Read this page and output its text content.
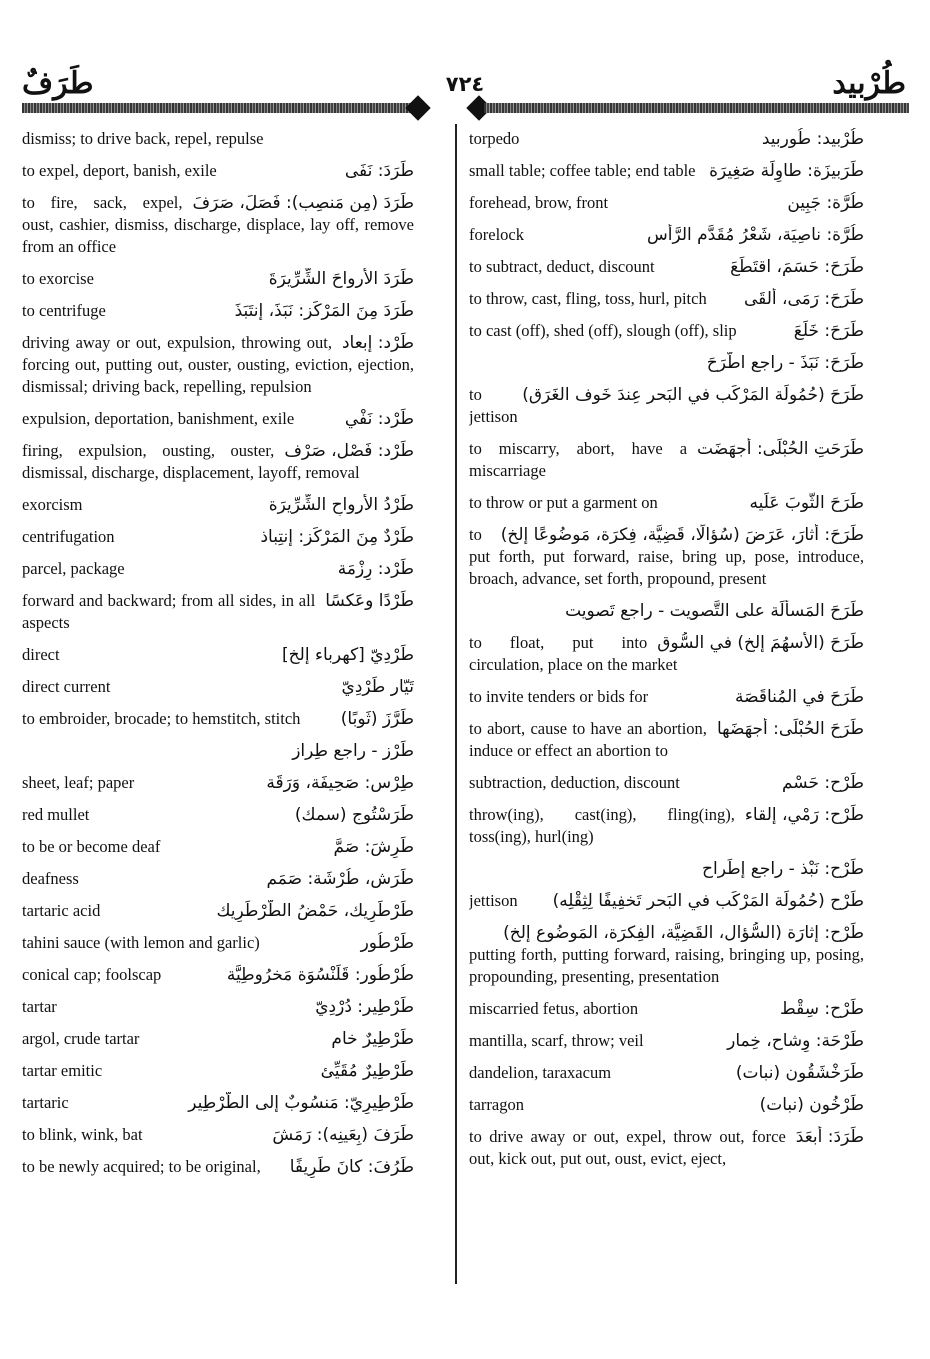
طَرَفٌ	٧٢٤	طُرْبيد
dismiss; to drive back, repel, repulse
طَرَدَ: نَفَى
to expel, deport, banish, exile
طَرَدَ (مِن مَنصِب): فَصَلَ، صَرَفَ
to fire, sack, expel, oust, cashier, dismiss, discharge, displace, lay off, remove from an office
طَرَدَ الأَرواحَ الشِّرِّيرَةَ
to exorcise
طَرَدَ مِنَ المَرْكَز: نَبَذَ، إنتَبَذَ
to centrifuge
طَرْد: إبعاد
driving away or out, expulsion, throwing out, forcing out, putting out, ouster, ousting, eviction, ejection, dismissal; driving back, repelling, repulsion
طَرْد: نَفْي
expulsion, deportation, banishment, exile
طَرْد: فَصْل، صَرْف
firing, expulsion, ousting, ouster, dismissal, discharge, displacement, layoff, removal
طَرْدُ الأَرواحِ الشِّرِّيرَة
exorcism
طَرْدٌ مِنَ المَرْكَز: إنتِباذ
centrifugation
طَرْد: رِزْمَة
parcel, package
طَرْدًا وعَكسًا
forward and backward; from all sides, in all aspects
طَرْدِيّ [كهرباء إلخ]
direct
تَيّار طَرْدِيّ
direct current
طَرَّزَ (ثَوبًا)
to embroider, brocade; to hemstitch, stitch
طَرْز - راجع طِراز
طِرْس: صَحِيفَة، وَرَقَة
sheet, leaf; paper
طَرَسْتُوج (سمك)
red mullet
طَرِشَ: صَمَّ
to be or become deaf
طَرَش، طُرْشَة: صَمَم
deafness
طَرْطَرِيك، حَمْضُ الطَّرْطَرِيك
tartaric acid
طَرْطُور
tahini sauce (with lemon and garlic)
طُرْطُور: قَلَنْسُوَة مَخرُوطِيَّة
conical cap; foolscap
طَرْطِير: دُرْدِيّ
tartar
طَرْطِيرٌ خام
argol, crude tartar
طَرْطِيرٌ مُقَيِّئ
tartar emitic
طَرْطِيرِيّ: مَنسُوبٌ إلى الطَّرْطِير
tartaric
طَرَفَ (بِعَينِه): رَمَشَ
to blink, wink, bat
طَرُفَ: كانَ طَرِيفًا
to be newly acquired; to be original,
طُرْبيد: طُوربيد
torpedo
طَرَبيزَة: طاوِلَة صَغِيرَة
small table; coffee table; end table
طُرَّة: جَبِين
forehead, brow, front
طُرَّة: ناصِيَة، شَعْرُ مُقَدَّم الرَّأس
forelock
طَرَحَ: حَسَمَ، اقتَطَعَ
to subtract, deduct, discount
طَرَحَ: رَمَى، أَلقَى
to throw, cast, fling, toss, hurl, pitch
طَرَحَ: خَلَعَ
to cast (off), shed (off), slough (off), slip
طَرَحَ: نَبَذَ - راجع اطَّرَحَ
طَرَحَ (حُمُولَة المَرْكَب في البَحر عِندَ خَوف الغَرَق)
to jettison
طَرَحَتِ الحُبْلَى: أجهَضَت
to miscarry, abort, have a miscarriage
طَرَحَ الثَّوبَ عَلَيه
to throw or put a garment on
طَرَحَ: أَثارَ، عَرَضَ (سُؤالًا، قَضِيَّة، فِكرَة، مَوضُوعًا إلخ)
to put forth, put forward, raise, bring up, pose, introduce, broach, advance, set forth, propound, present
طَرَحَ المَسأَلَة على التَّصويت - راجع تَصويت
طَرَحَ (الأَسهُمَ إلخ) في السُّوق
to float, put into circulation, place on the market
طَرَحَ في المُناقَصَة
to invite tenders or bids for
طَرَحَ الحُبْلَى: أجهَضَها
to abort, cause to have an abortion, induce or effect an abortion to
طَرْح: حَسْم
subtraction, deduction, discount
طَرْح: رَمْي، إلقاء
throw(ing), cast(ing), fling(ing), toss(ing), hurl(ing)
طَرْح: نَبْذ - راجع إطِّراح
طَرْح (حُمُولَة المَرْكَب في البَحر تَخفِيفًا لِثِقْلِه)
jettison
طَرْح: إثارَة (السُّؤال، القَضِيَّة، الفِكرَة، المَوضُوع إلخ)
putting forth, putting forward, raising, bringing up, posing, propounding, presenting, presentation
طَرْح: سِقْط
miscarried fetus, abortion
طَرْحَة: وِشاح، خِمار
mantilla, scarf, throw; veil
طَرَخْشَقُون (نبات)
dandelion, taraxacum
طَرْخُون (نبات)
tarragon
طَرَدَ: أَبعَدَ
to drive away or out, expel, throw out, force out, kick out, put out, oust, evict, eject,
